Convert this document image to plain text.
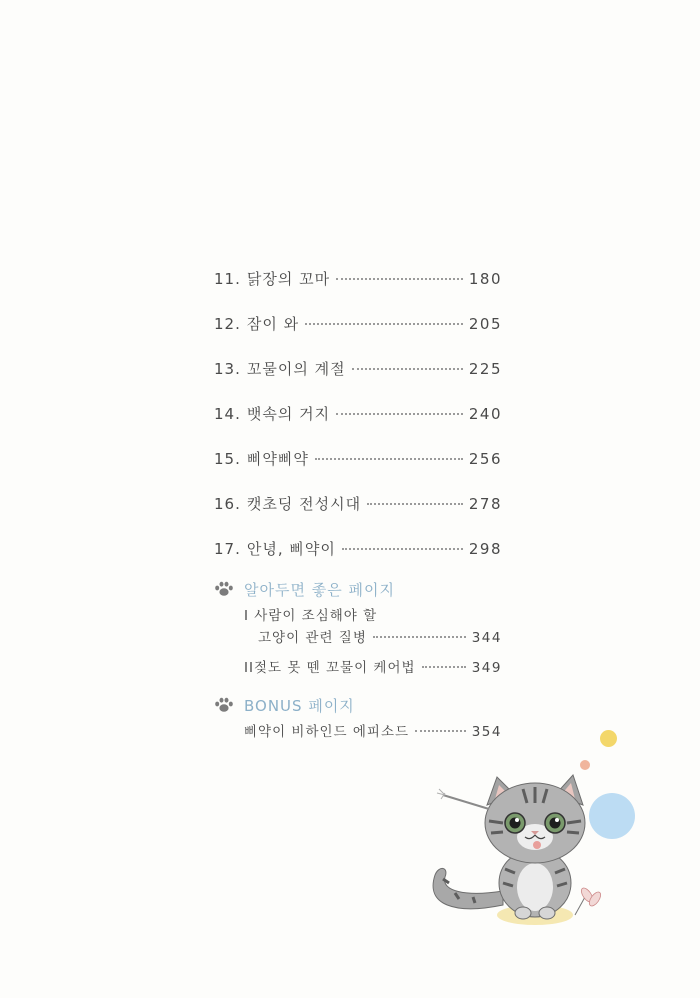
11. 닭장의 꼬마	180
12. 잠이 와	205
13. 꼬물이의 계절	225
14. 뱃속의 거지	240
15. 삐약삐약	256
16. 캣초딩 전성시대	278
17. 안녕, 삐약이	298
알아두면 좋은 페이지
I 사람이 조심해야 할
고양이 관련 질병	344
II젖도 못 뗀 꼬물이 케어법	349
BONUS 페이지
삐약이 비하인드 에피소드	354
